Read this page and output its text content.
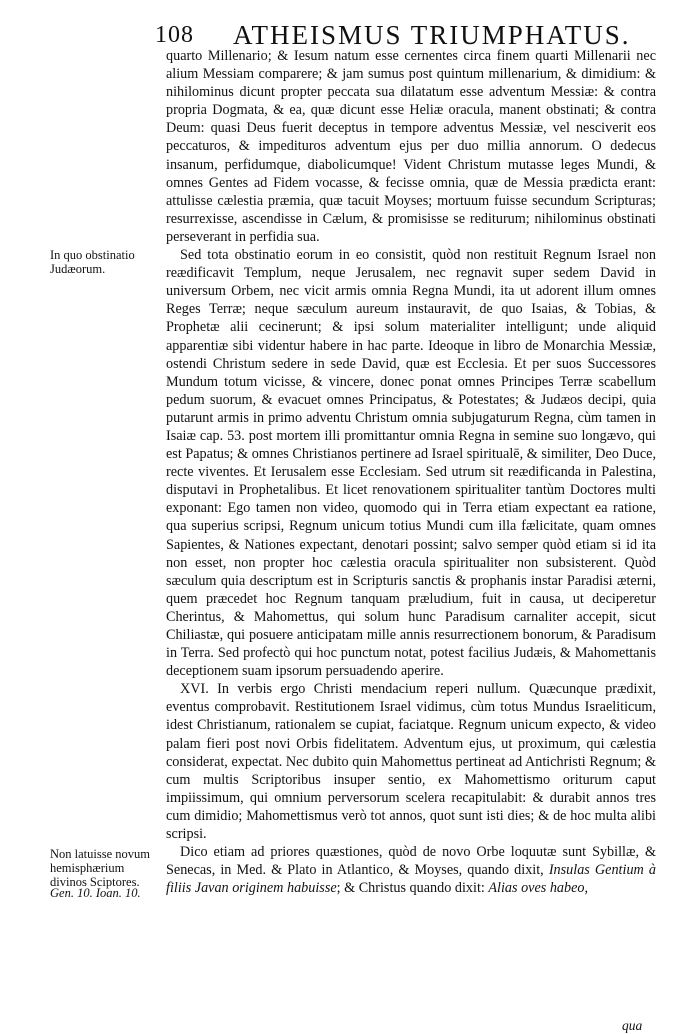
108 ATHEISMUS TRIUMPHATUS.
In quo obstinatio Judæorum.
Non latuisse novum hemisphærium divinos Sciptores.
Gen. 10. Ioan. 10.

quarto Millenario; & Iesum natum esse cernentes circa finem quarti Millenarii nec alium Messiam comparere; & jam sumus post quintum millenarium, & dimidium: & nihilominus dicunt propter peccata sua dilatatum esse adventum Messiæ: & contra propria Dogmata, & ea, quæ dicunt esse Heliæ oracula, manent obstinati; & contra Deum: quasi Deus fuerit deceptus in tempore adventus Messiæ, vel nesciverit eos peccaturos, & impedituros adventum ejus per duo millia annorum. O dedecus insanum, perfidumque, diabolicumque! Vident Christum mutasse leges Mundi, & omnes Gentes ad Fidem vocasse, & fecisse omnia, quæ de Messia prædicta erant: attulisse cælestia præmia, quæ tacuit Moyses; mortuum fuisse secundum Scripturas; resurrexisse, ascendisse in Cælum, & promisisse se rediturum; nihilominus obstinati perseverant in perfidia sua.

Sed tota obstinatio eorum in eo consistit, quòd non restituit Regnum Israel non reædificavit Templum, neque Jerusalem, nec regnavit super sedem David in universum Orbem, nec vicit armis omnia Regna Mundi, ita ut adorent illum omnes Reges Terræ; neque sæculum aureum instauravit, de quo Isaias, & Tobias, & Prophetæ alii cecinerunt; & ipsi solum materialiter intelligunt; unde aliquid apparentiæ sibi videntur habere in hac parte. Ideoque in libro de Monarchia Messiæ, ostendi Christum sedere in sede David, quæ est Ecclesia. Et per suos Successores Mundum totum vicisse, & vincere, donec ponat omnes Principes Terræ scabellum pedum suorum, & evacuet omnes Principatus, & Potestates; & Judæos decipi, quia putarunt armis in primo adventu Christum omnia subjugaturum Regna, cùm tamen in Isaiæ cap. 53. post mortem illi promittantur omnia Regna in semine suo longævo, qui est Papatus; & omnes Christianos pertinere ad Israel spiritualē, & similiter, Deo Duce, recte viventes. Et Ierusalem esse Ecclesiam. Sed utrum sit reædificanda in Palestina, disputavi in Prophetalibus. Et licet renovationem spiritualiter tantùm Doctores multi exponant: Ego tamen non video, quomodo qui in Terra etiam expectant ea ratione, qua superius scripsi, Regnum unicum totius Mundi cum illa fælicitate, quam omnes Sapientes, & Nationes expectant, denotari possint; salvo semper quòd etiam si id ita non esset, non propter hoc cælestia oracula spiritualiter non subsisterent. Quòd sæculum quia descriptum est in Scripturis sanctis & prophanis instar Paradisi æterni, quem præcedet hoc Regnum tanquam præludium, fuit in causa, ut deciperetur Cherintus, & Mahomettus, qui solum hunc Paradisum carnaliter accepit, sicut Chiliastæ, qui posuere anticipatam mille annis resurrectionem bonorum, & Paradisum in Terra. Sed profectò qui hoc punctum notat, potest facilius Judæis, & Mahomettanis deceptionem suam ipsorum persuadendo aperire.

XVI. In verbis ergo Christi mendacium reperi nullum. Quæcunque prædixit, eventus comprobavit. Restitutionem Israel vidimus, cùm totus Mundus Israeliticum, idest Christianum, rationalem se cupiat, faciatque. Regnum unicum expecto, & video palam fieri post novi Orbis fidelitatem. Adventum ejus, ut proximum, qui cælestia considerat, expectat. Nec dubito quin Mahomettus pertineat ad Antichristi Regnum; & cum multis Scriptoribus insuper sentio, ex Mahomettismo oriturum caput impiissimum, qui omnium perversorum scelera recapitulabit: & durabit annos tres cum dimidio; Mahomettismus verò tot annos, quot sunt isti dies; & de hoc multa alibi scripsi.

Dico etiam ad priores quæstiones, quòd de novo Orbe loquutæ sunt Sybillæ, & Senecas, in Med. & Plato in Atlantico, & Moyses, quando dixit, Insulas Gentium à filiis Javan originem habuisse; & Christus quando dixit: Alias oves habeo,

qua
